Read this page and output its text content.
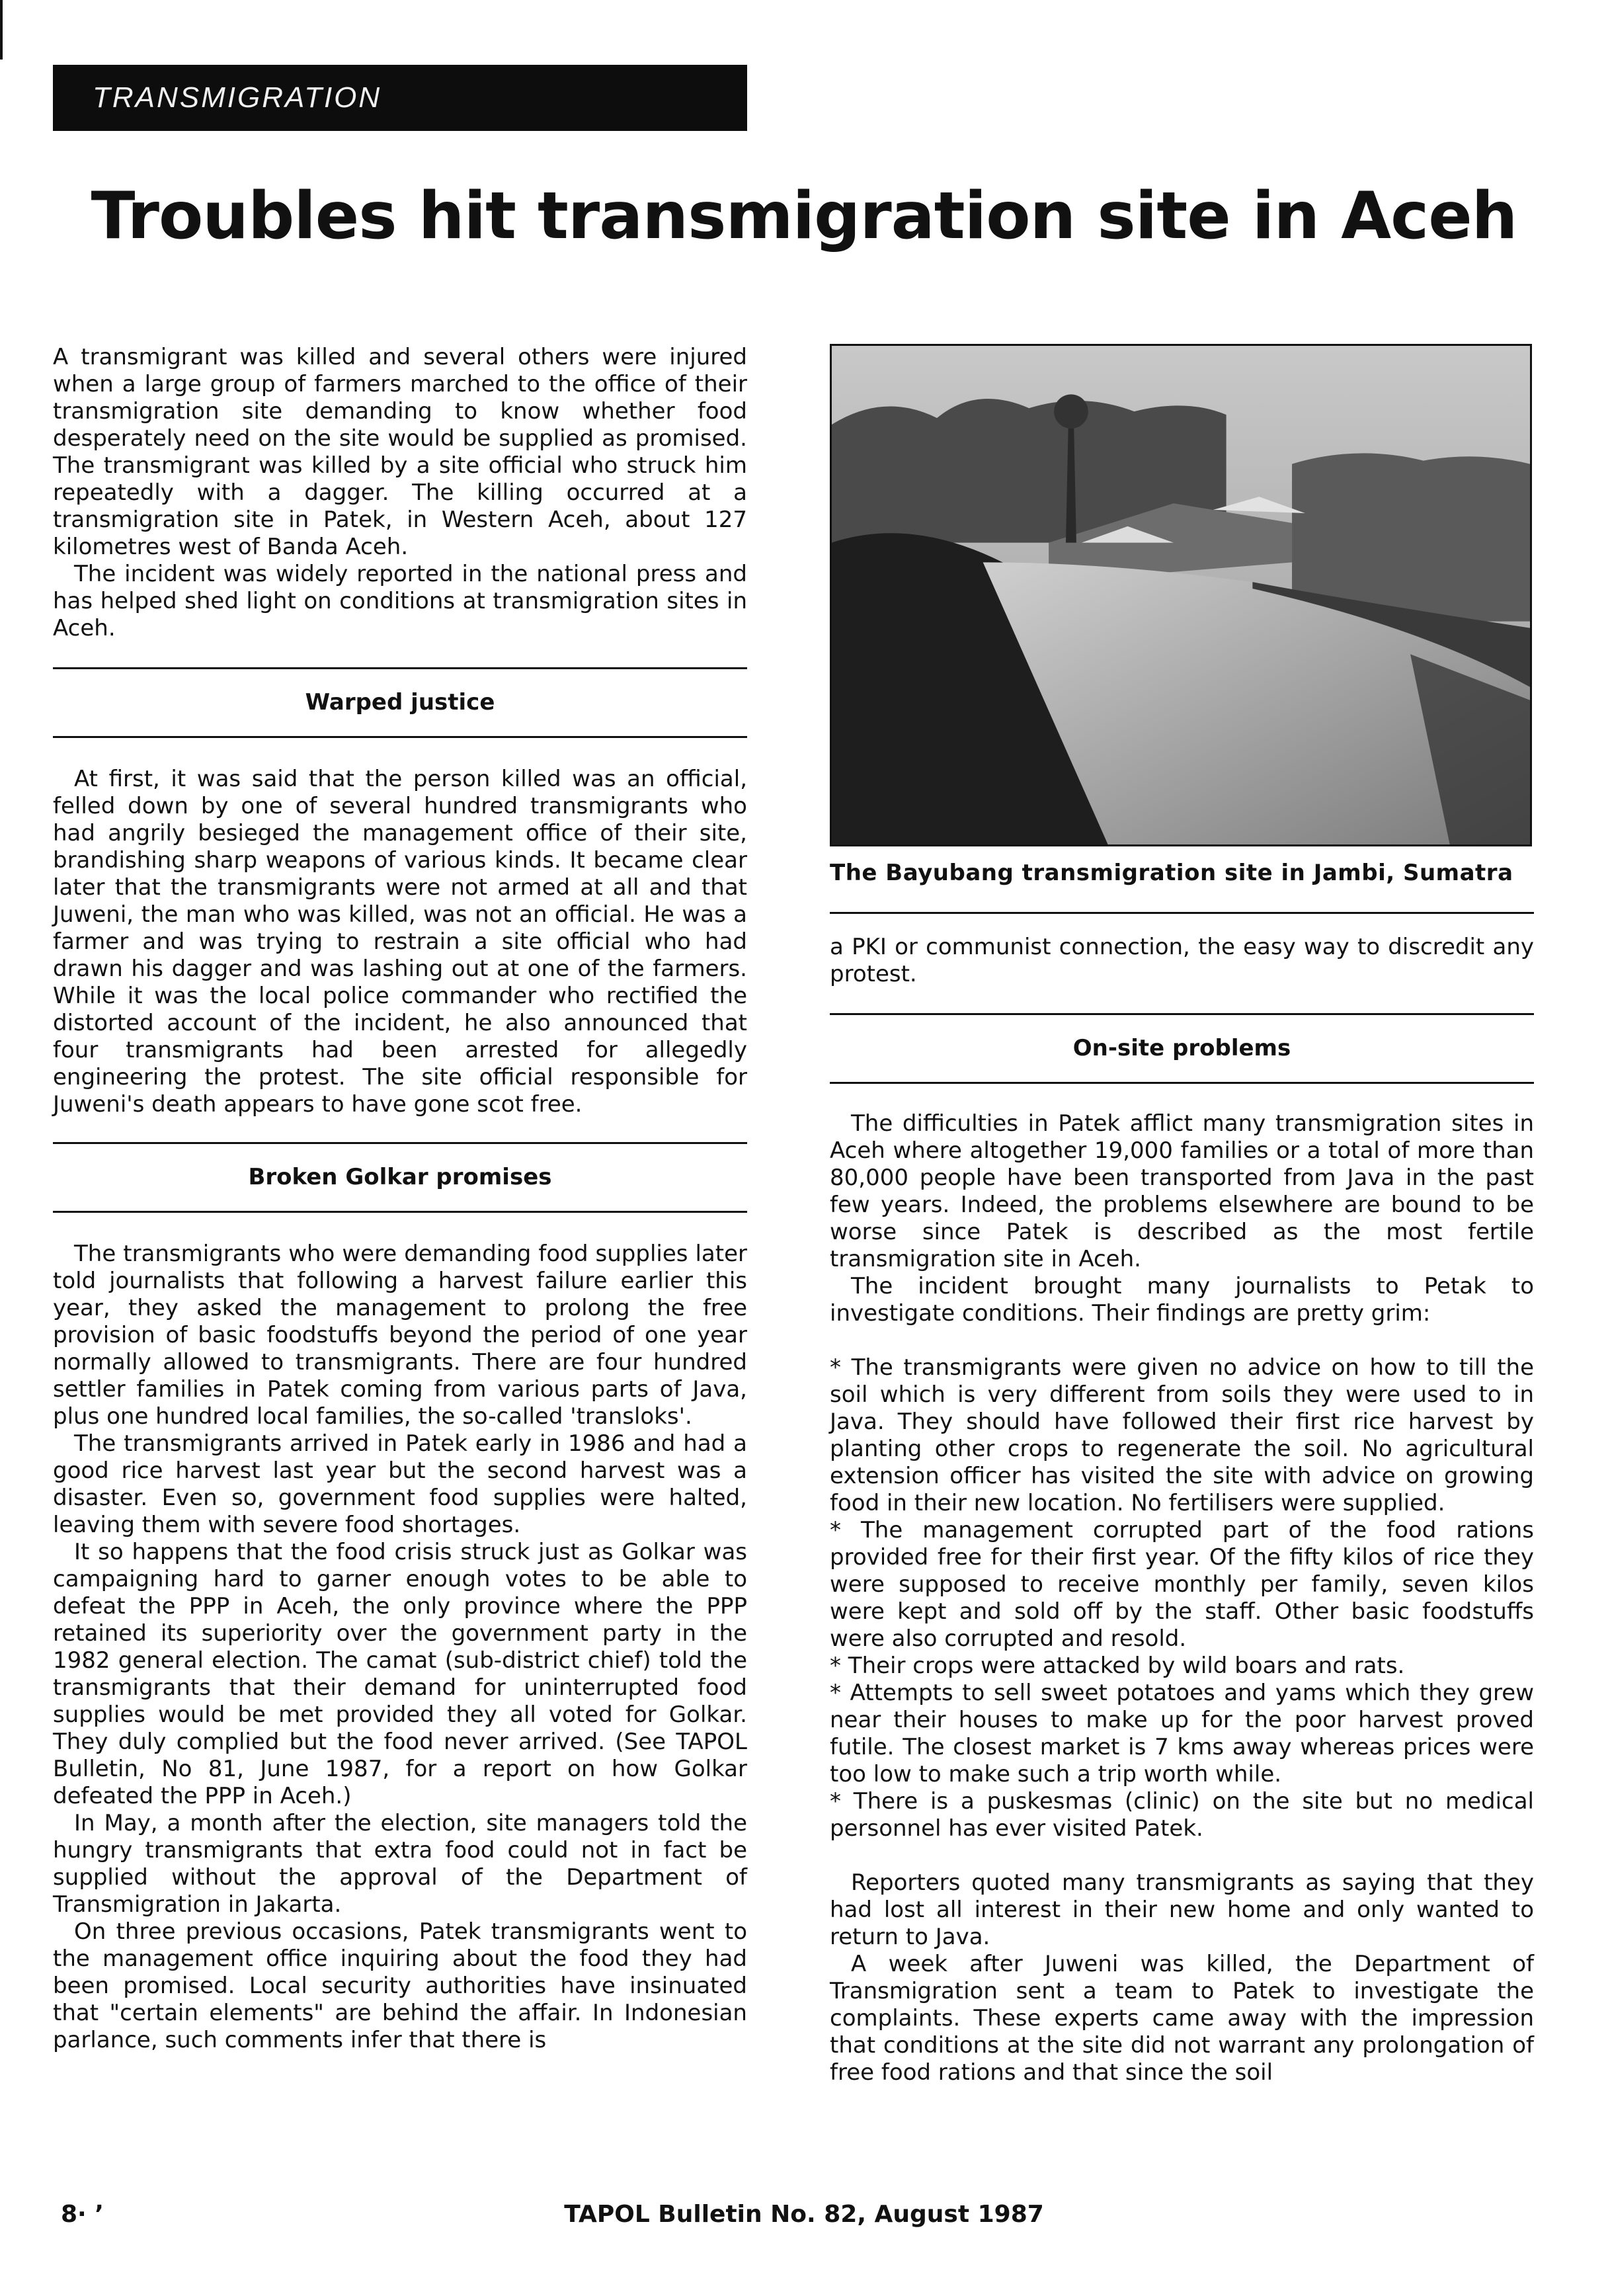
TRANSMIGRATION
Troubles hit transmigration site in Aceh

A transmigrant was killed and several others were injured when a large group of farmers marched to the office of their transmigration site demanding to know whether food desperately need on the site would be supplied as promised. The transmigrant was killed by a site official who struck him repeatedly with a dagger. The killing occurred at a transmigration site in Patek, in Western Aceh, about 127 kilometres west of Banda Aceh.

The incident was widely reported in the national press and has helped shed light on conditions at transmigration sites in Aceh.

Warped justice

At first, it was said that the person killed was an official, felled down by one of several hundred transmigrants who had angrily besieged the management office of their site, brandishing sharp weapons of various kinds. It became clear later that the transmigrants were not armed at all and that Juweni, the man who was killed, was not an official. He was a farmer and was trying to restrain a site official who had drawn his dagger and was lashing out at one of the farmers. While it was the local police commander who rectified the distorted account of the incident, he also announced that four transmigrants had been arrested for allegedly engineering the protest. The site official responsible for Juweni's death appears to have gone scot free.

Broken Golkar promises

The transmigrants who were demanding food supplies later told journalists that following a harvest failure earlier this year, they asked the management to prolong the free provision of basic foodstuffs beyond the period of one year normally allowed to transmigrants. There are four hundred settler families in Patek coming from various parts of Java, plus one hundred local families, the so-called 'transloks'.

The transmigrants arrived in Patek early in 1986 and had a good rice harvest last year but the second harvest was a disaster. Even so, government food supplies were halted, leaving them with severe food shortages.

It so happens that the food crisis struck just as Golkar was campaigning hard to garner enough votes to be able to defeat the PPP in Aceh, the only province where the PPP retained its superiority over the government party in the 1982 general election. The camat (sub-district chief) told the transmigrants that their demand for uninterrupted food supplies would be met provided they all voted for Golkar. They duly complied but the food never arrived. (See TAPOL Bulletin, No 81, June 1987, for a report on how Golkar defeated the PPP in Aceh.)

In May, a month after the election, site managers told the hungry transmigrants that extra food could not in fact be supplied without the approval of the Department of Transmigration in Jakarta.

On three previous occasions, Patek transmigrants went to the management office inquiring about the food they had been promised. Local security authorities have insinuated that "certain elements" are behind the affair. In Indonesian parlance, such comments infer that there is

The Bayubang transmigration site in Jambi, Sumatra

a PKI or communist connection, the easy way to discredit any protest.

On-site problems

The difficulties in Patek afflict many transmigration sites in Aceh where altogether 19,000 families or a total of more than 80,000 people have been transported from Java in the past few years. Indeed, the problems elsewhere are bound to be worse since Patek is described as the most fertile transmigration site in Aceh.

The incident brought many journalists to Petak to investigate conditions. Their findings are pretty grim:

* The transmigrants were given no advice on how to till the soil which is very different from soils they were used to in Java. They should have followed their first rice harvest by planting other crops to regenerate the soil. No agricultural extension officer has visited the site with advice on growing food in their new location. No fertilisers were supplied.

* The management corrupted part of the food rations provided free for their first year. Of the fifty kilos of rice they were supposed to receive monthly per family, seven kilos were kept and sold off by the staff. Other basic foodstuffs were also corrupted and resold.

* Their crops were attacked by wild boars and rats.

* Attempts to sell sweet potatoes and yams which they grew near their houses to make up for the poor harvest proved futile. The closest market is 7 kms away whereas prices were too low to make such a trip worth while.

* There is a puskesmas (clinic) on the site but no medical personnel has ever visited Patek.

Reporters quoted many transmigrants as saying that they had lost all interest in their new home and only wanted to return to Java.

A week after Juweni was killed, the Department of Transmigration sent a team to Patek to investigate the complaints. These experts came away with the impression that conditions at the site did not warrant any prolongation of free food rations and that since the soil

8· ʼ	TAPOL Bulletin No. 82, August 1987
